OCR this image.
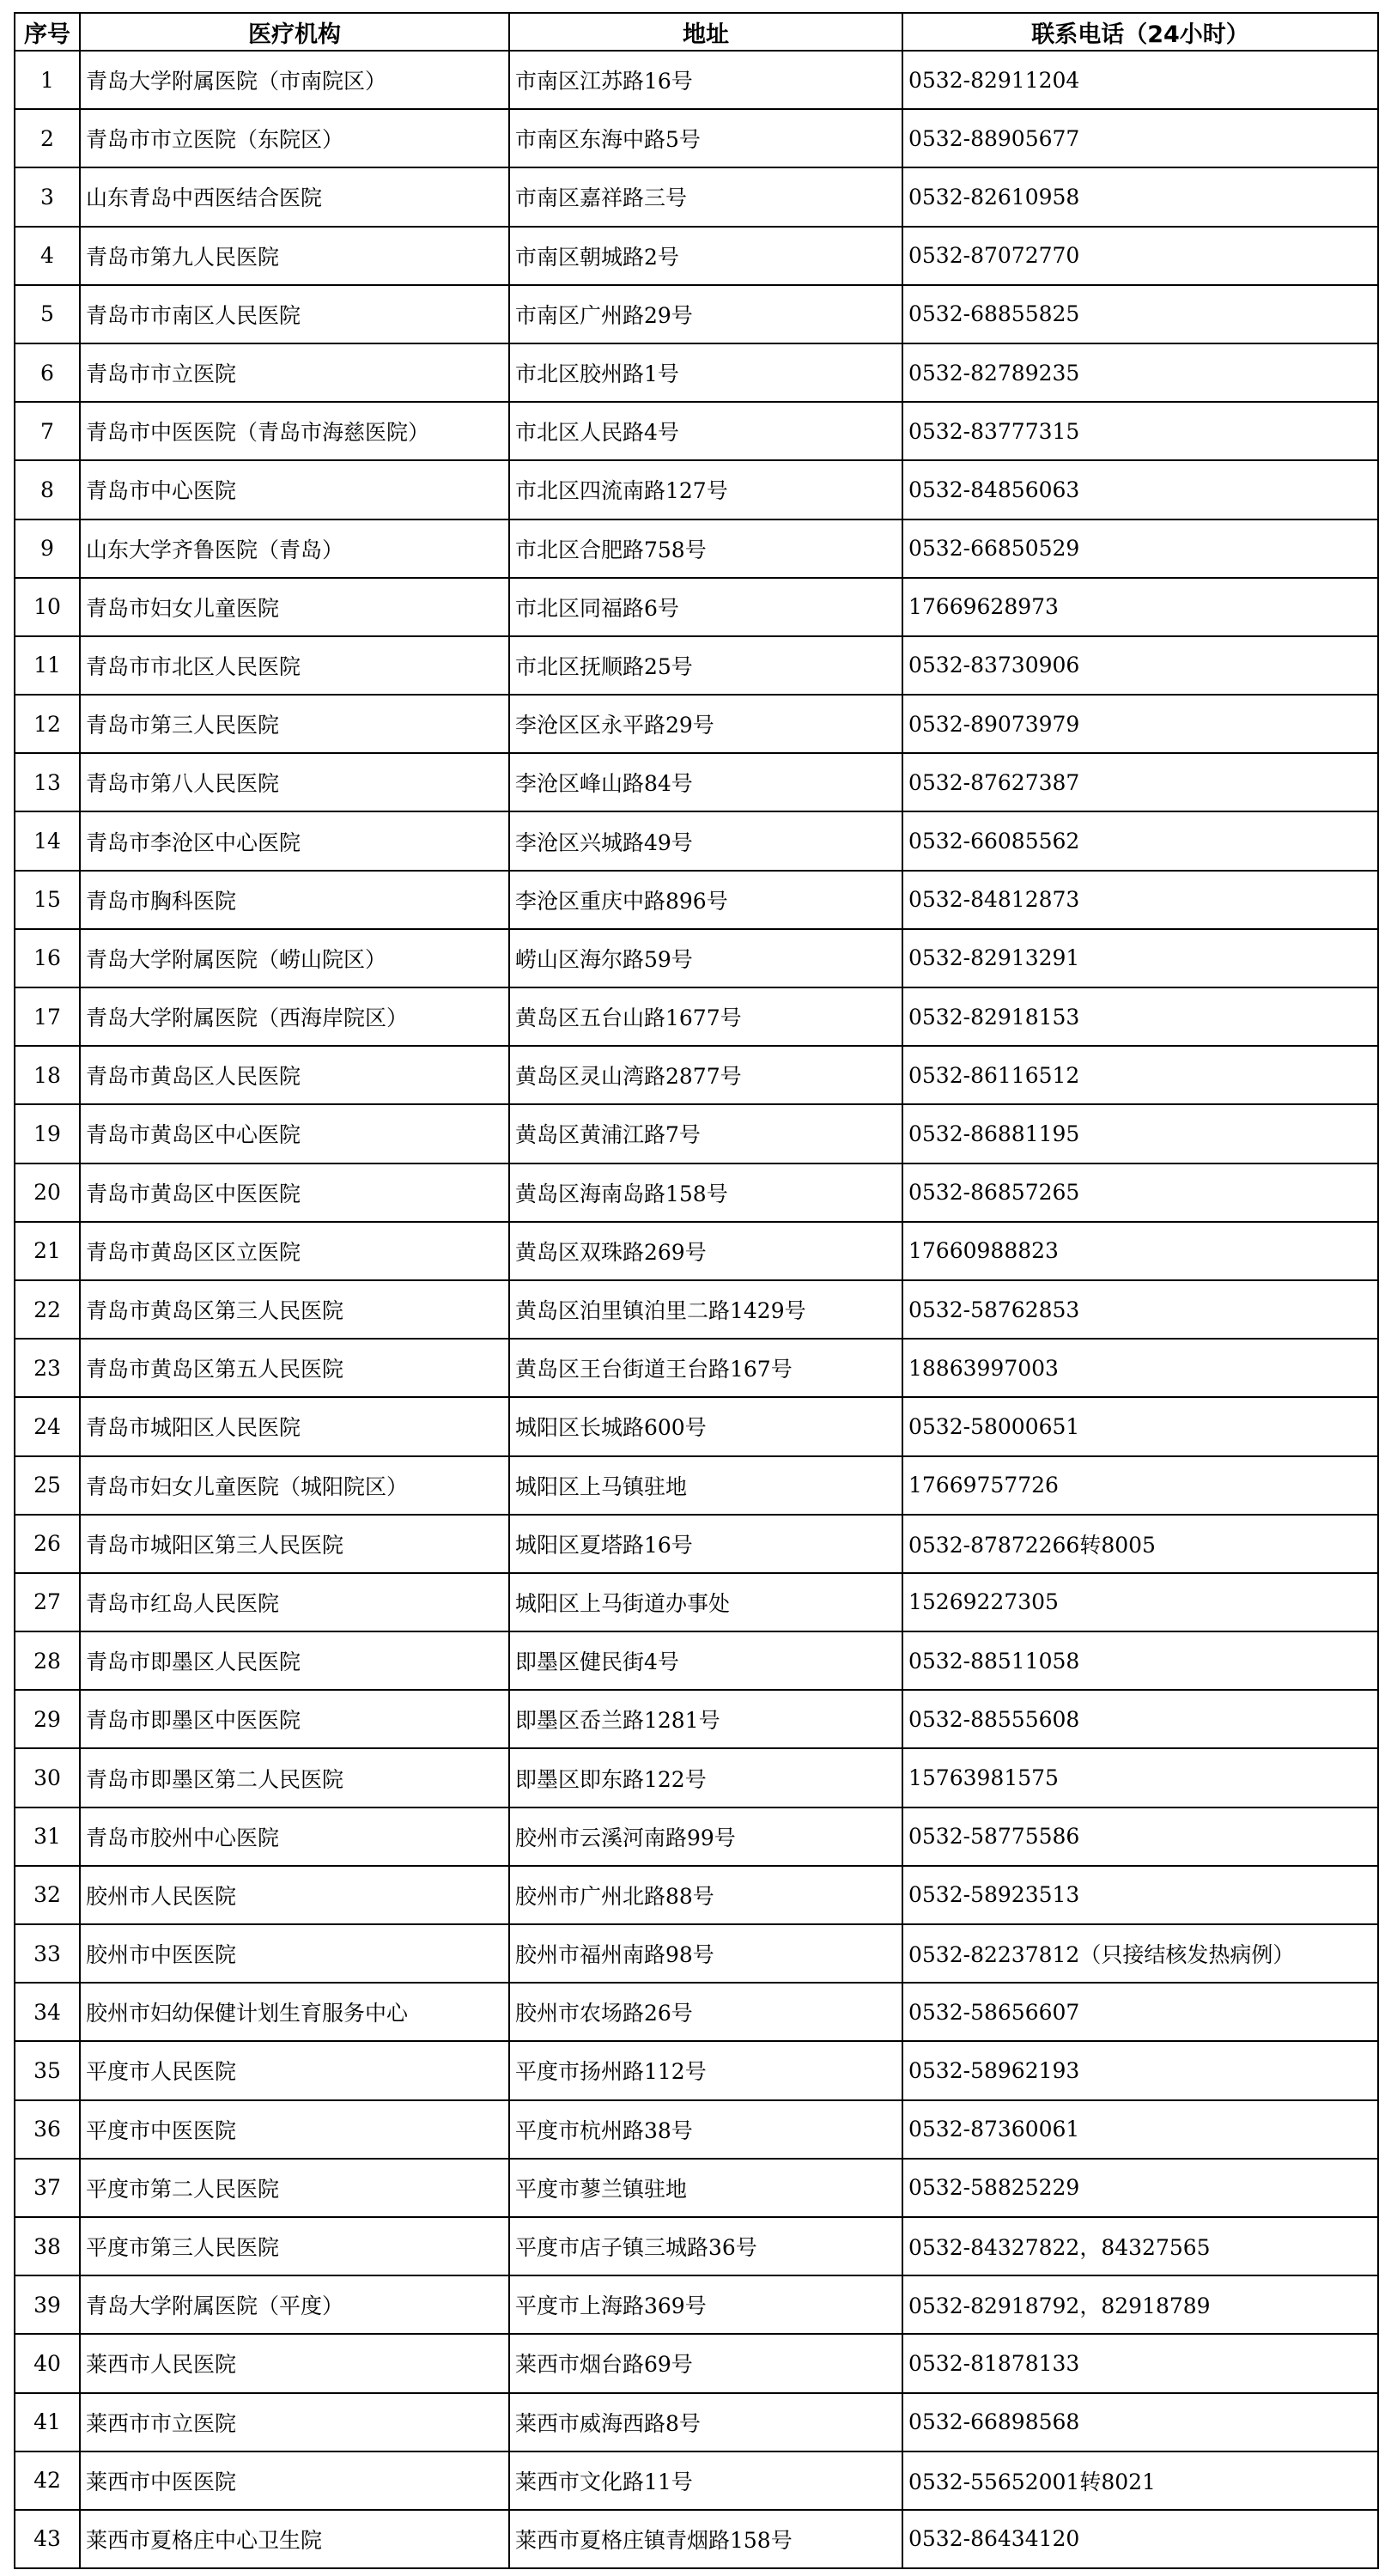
序号	医疗机构	地址	联系电话（24小时）
1	青岛大学附属医院（市南院区）	市南区江苏路16号	0532-82911204
2	青岛市市立医院（东院区）	市南区东海中路5号	0532-88905677
3	山东青岛中西医结合医院	市南区嘉祥路三号	0532-82610958
4	青岛市第九人民医院	市南区朝城路2号	0532-87072770
5	青岛市市南区人民医院	市南区广州路29号	0532-68855825
6	青岛市市立医院	市北区胶州路1号	0532-82789235
7	青岛市中医医院（青岛市海慈医院）	市北区人民路4号	0532-83777315
8	青岛市中心医院	市北区四流南路127号	0532-84856063
9	山东大学齐鲁医院（青岛）	市北区合肥路758号	0532-66850529
10	青岛市妇女儿童医院	市北区同福路6号	17669628973
11	青岛市市北区人民医院	市北区抚顺路25号	0532-83730906
12	青岛市第三人民医院	李沧区区永平路29号	0532-89073979
13	青岛市第八人民医院	李沧区峰山路84号	0532-87627387
14	青岛市李沧区中心医院	李沧区兴城路49号	0532-66085562
15	青岛市胸科医院	李沧区重庆中路896号	0532-84812873
16	青岛大学附属医院（崂山院区）	崂山区海尔路59号	0532-82913291
17	青岛大学附属医院（西海岸院区）	黄岛区五台山路1677号	0532-82918153
18	青岛市黄岛区人民医院	黄岛区灵山湾路2877号	0532-86116512
19	青岛市黄岛区中心医院	黄岛区黄浦江路7号	0532-86881195
20	青岛市黄岛区中医医院	黄岛区海南岛路158号	0532-86857265
21	青岛市黄岛区区立医院	黄岛区双珠路269号	17660988823
22	青岛市黄岛区第三人民医院	黄岛区泊里镇泊里二路1429号	0532-58762853
23	青岛市黄岛区第五人民医院	黄岛区王台街道王台路167号	18863997003
24	青岛市城阳区人民医院	城阳区长城路600号	0532-58000651
25	青岛市妇女儿童医院（城阳院区）	城阳区上马镇驻地	17669757726
26	青岛市城阳区第三人民医院	城阳区夏塔路16号	0532-87872266转8005
27	青岛市红岛人民医院	城阳区上马街道办事处	15269227305
28	青岛市即墨区人民医院	即墨区健民街4号	0532-88511058
29	青岛市即墨区中医医院	即墨区岙兰路1281号	0532-88555608
30	青岛市即墨区第二人民医院	即墨区即东路122号	15763981575
31	青岛市胶州中心医院	胶州市云溪河南路99号	0532-58775586
32	胶州市人民医院	胶州市广州北路88号	0532-58923513
33	胶州市中医医院	胶州市福州南路98号	0532-82237812（只接结核发热病例）
34	胶州市妇幼保健计划生育服务中心	胶州市农场路26号	0532-58656607
35	平度市人民医院	平度市扬州路112号	0532-58962193
36	平度市中医医院	平度市杭州路38号	0532-87360061
37	平度市第二人民医院	平度市蓼兰镇驻地	0532-58825229
38	平度市第三人民医院	平度市店子镇三城路36号	0532-84327822，84327565
39	青岛大学附属医院（平度）	平度市上海路369号	0532-82918792，82918789
40	莱西市人民医院	莱西市烟台路69号	0532-81878133
41	莱西市市立医院	莱西市威海西路8号	0532-66898568
42	莱西市中医医院	莱西市文化路11号	0532-55652001转8021
43	莱西市夏格庄中心卫生院	莱西市夏格庄镇青烟路158号	0532-86434120
